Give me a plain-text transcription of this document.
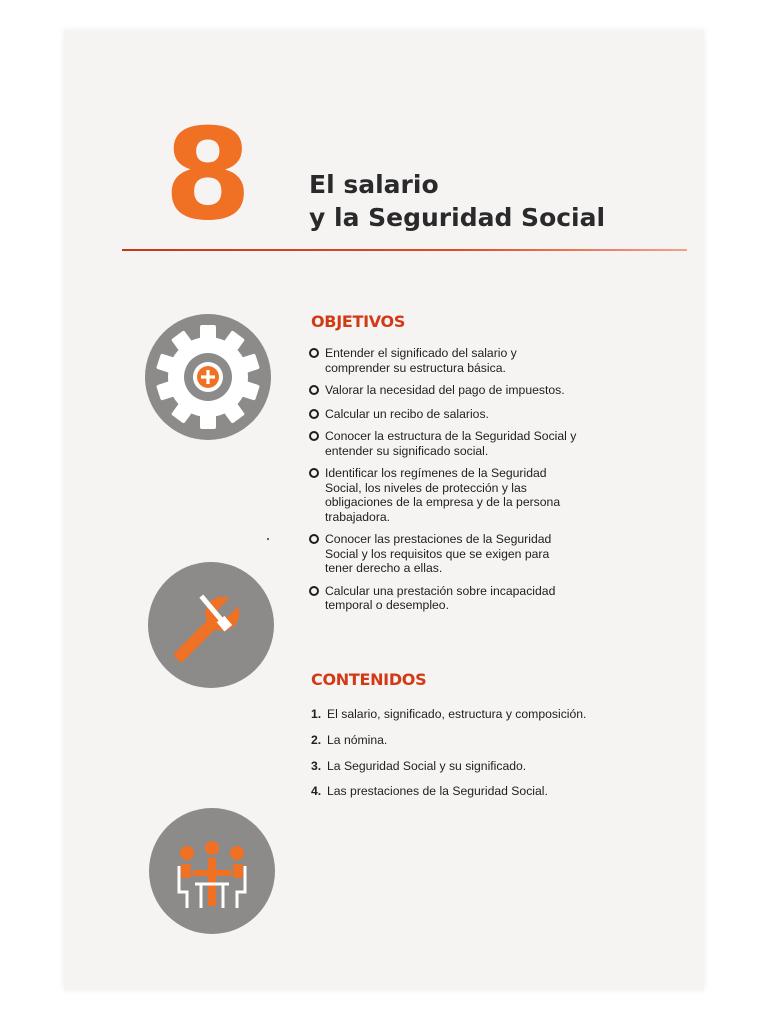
8 El salario
y la Seguridad Social
OBJETIVOS
Entender el significado del salario y comprender su estructura básica.
Valorar la necesidad del pago de impuestos.
Calcular un recibo de salarios.
Conocer la estructura de la Seguridad Social y entender su significado social.
Identificar los regímenes de la Seguridad Social, los niveles de protección y las obligaciones de la empresa y de la persona trabajadora.
Conocer las prestaciones de la Seguridad Social y los requisitos que se exigen para tener derecho a ellas.
Calcular una prestación sobre incapacidad temporal o desempleo.
CONTENIDOS
1. El salario, significado, estructura y composición.
2. La nómina.
3. La Seguridad Social y su significado.
4. Las prestaciones de la Seguridad Social.
